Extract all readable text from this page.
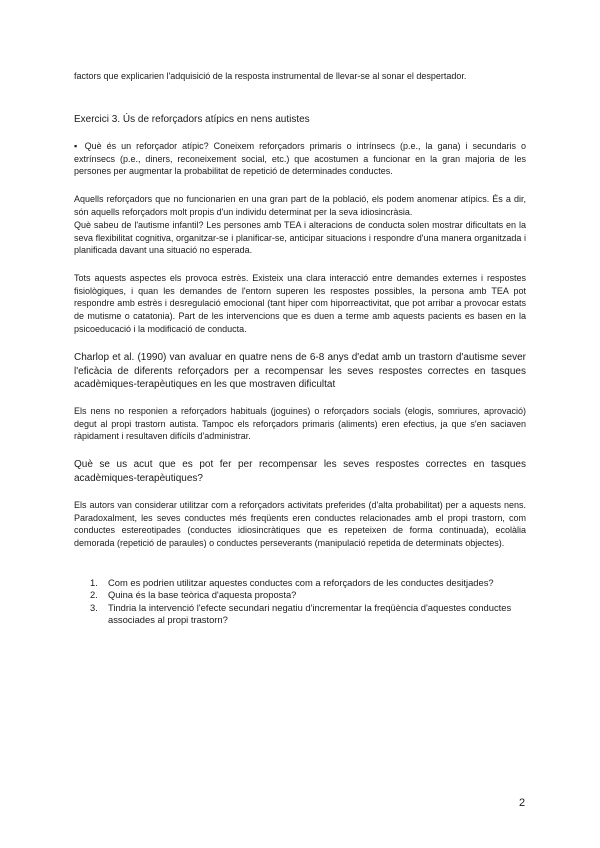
factors que explicarien l'adquisició de la resposta instrumental de llevar-se al sonar el despertador.
Exercici 3. Ús de reforçadors atípics en nens autistes
▪ Què és un reforçador atípic? Coneixem reforçadors primaris o intrínsecs (p.e., la gana) i secundaris o extrínsecs (p.e., diners, reconeixement social, etc.) que acostumen a funcionar en la gran majoria de les persones per augmentar la probabilitat de repetició de determinades conductes.
Aquells reforçadors que no funcionarien en una gran part de la població, els podem anomenar atípics. És a dir, són aquells reforçadors molt propis d'un individu determinat per la seva idiosincràsia.
Què sabeu de l'autisme infantil? Les persones amb TEA i alteracions de conducta solen mostrar dificultats en la seva flexibilitat cognitiva, organitzar-se i planificar-se, anticipar situacions i respondre d'una manera organitzada i planificada davant una situació no esperada.
Tots aquests aspectes els provoca estrès. Existeix una clara interacció entre demandes externes i respostes fisiològiques, i quan les demandes de l'entorn superen les respostes possibles, la persona amb TEA pot respondre amb estrès i desregulació emocional (tant hiper com hiporreactivitat, que pot arribar a provocar estats de mutisme o catatonia). Part de les intervencions que es duen a terme amb aquests pacients es basen en la psicoeducació i la modificació de conducta.
Charlop et al. (1990) van avaluar en quatre nens de 6-8 anys d'edat amb un trastorn d'autisme sever l'eficàcia de diferents reforçadors per a recompensar les seves respostes correctes en tasques acadèmiques-terapèutiques en les que mostraven dificultat
Els nens no responien a reforçadors habituals (joguines) o reforçadors socials (elogis, somriures, aprovació) degut al propi trastorn autista. Tampoc els reforçadors primaris (aliments) eren efectius, ja que s'en saciaven ràpidament i resultaven difícils d'administrar.
Què se us acut que es pot fer per recompensar les seves respostes correctes en tasques acadèmiques-terapèutiques?
Els autors van considerar utilitzar com a reforçadors activitats preferides (d'alta probabilitat) per a aquests nens. Paradoxalment, les seves conductes més freqüents eren conductes relacionades amb el propi trastorn, com conductes estereotipades (conductes idiosincràtiques que es repeteixen de forma continuada), ecolàlia demorada (repetició de paraules) o conductes perseverants (manipulació repetida de determinats objectes).
1. Com es podrien utilitzar aquestes conductes com a reforçadors de les conductes desitjades?
2. Quina és la base teòrica d'aquesta proposta?
3. Tindria la intervenció l'efecte secundari negatiu d'incrementar la freqüència d'aquestes conductes associades al propi trastorn?
2
